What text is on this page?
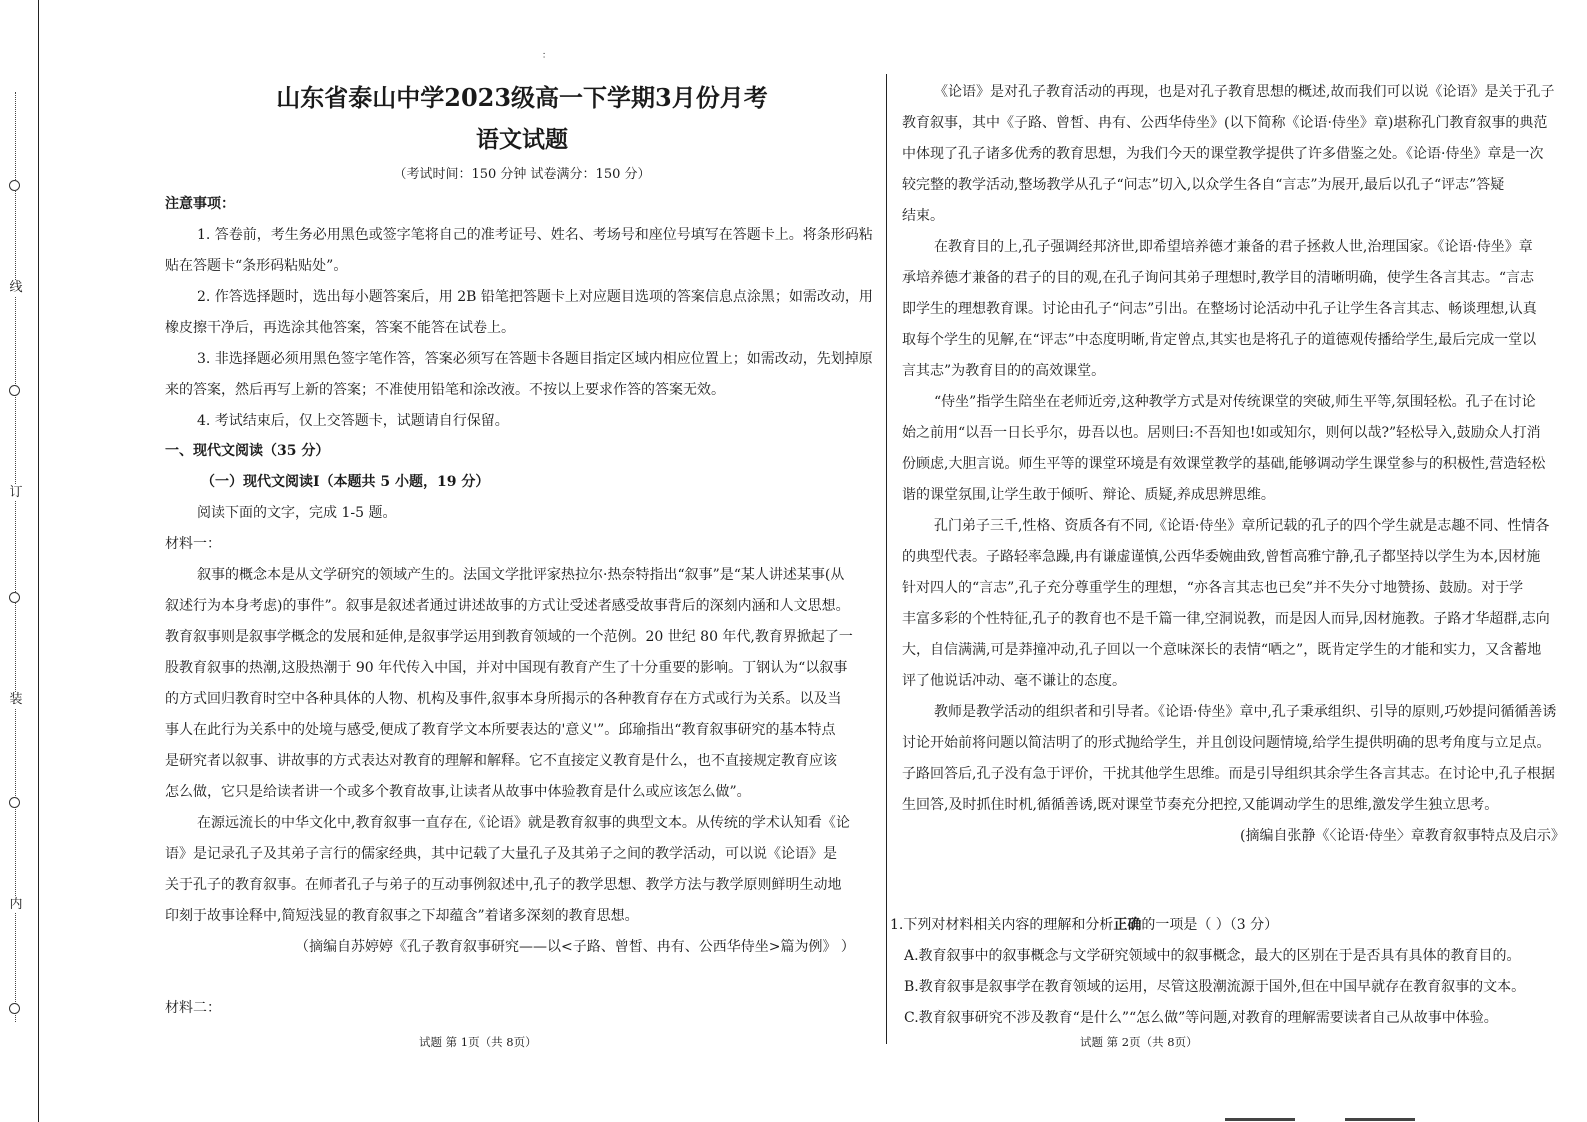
线
订
装
内
：
山东省泰山中学2023级高一下学期3月份月考
语文试题
（考试时间：150 分钟 试卷满分：150 分）
注意事项：
1. 答卷前，考生务必用黑色或签字笔将自己的准考证号、姓名、考场号和座位号填写在答题卡上。将条形码粘
贴在答题卡“条形码粘贴处”。
2. 作答选择题时，选出每小题答案后，用 2B 铅笔把答题卡上对应题目选项的答案信息点涂黑；如需改动，用
橡皮擦干净后，再选涂其他答案，答案不能答在试卷上。
3. 非选择题必须用黑色签字笔作答，答案必须写在答题卡各题目指定区域内相应位置上；如需改动，先划掉原
来的答案，然后再写上新的答案；不准使用铅笔和涂改液。不按以上要求作答的答案无效。
4. 考试结束后，仅上交答题卡，试题请自行保留。
一、现代文阅读（35 分）
（一）现代文阅读Ⅰ（本题共 5 小题，19 分）
阅读下面的文字，完成 1-5 题。
材料一：
叙事的概念本是从文学研究的领域产生的。法国文学批评家热拉尔·热奈特指出“叙事”是“某人讲述某事(从
叙述行为本身考虑)的事件”。叙事是叙述者通过讲述故事的方式让受述者感受故事背后的深刻内涵和人文思想。
教育叙事则是叙事学概念的发展和延伸,是叙事学运用到教育领域的一个范例。20 世纪 80 年代,教育界掀起了一
股教育叙事的热潮,这股热潮于 90 年代传入中国，并对中国现有教育产生了十分重要的影响。丁钢认为“以叙事
的方式回归教育时空中各种具体的人物、机构及事件,叙事本身所揭示的各种教育存在方式或行为关系。以及当
事人在此行为关系中的处境与感受,便成了教育学文本所要表达的'意义'”。邱瑜指出“教育叙事研究的基本特点
是研究者以叙事、讲故事的方式表达对教育的理解和解释。它不直接定义教育是什么，也不直接规定教育应该
怎么做，它只是给读者讲一个或多个教育故事,让读者从故事中体验教育是什么或应该怎么做”。
在源远流长的中华文化中,教育叙事一直存在,《论语》就是教育叙事的典型文本。从传统的学术认知看《论
语》是记录孔子及其弟子言行的儒家经典，其中记载了大量孔子及其弟子之间的教学活动，可以说《论语》是
关于孔子的教育叙事。在师者孔子与弟子的互动事例叙述中,孔子的教学思想、教学方法与教学原则鲜明生动地
印刻于故事诠释中,简短浅显的教育叙事之下却蕴含”着诸多深刻的教育思想。
（摘编自苏婷婷《孔子教育叙事研究——以<子路、曾皙、冉有、公西华侍坐>篇为例》 ）
材料二：
试题 第 1页（共 8页）
《论语》是对孔子教育活动的再现，也是对孔子教育思想的概述,故而我们可以说《论语》是关于孔子
教育叙事，其中《子路、曾皙、冉有、公西华侍坐》(以下简称《论语·侍坐》章)堪称孔门教育叙事的典范
中体现了孔子诸多优秀的教育思想，为我们今天的课堂教学提供了许多借鉴之处。《论语·侍坐》章是一次
较完整的教学活动,整场教学从孔子“问志”切入,以众学生各自“言志”为展开,最后以孔子“评志”答疑
结束。
在教育目的上,孔子强调经邦济世,即希望培养德才兼备的君子拯救人世,治理国家。《论语·侍坐》章
承培养德才兼备的君子的目的观,在孔子询问其弟子理想时,教学目的清晰明确，使学生各言其志。“言志
即学生的理想教育课。讨论由孔子“问志”引出。在整场讨论活动中孔子让学生各言其志、畅谈理想,认真
取每个学生的见解,在“评志”中态度明晰,肯定曾点,其实也是将孔子的道德观传播给学生,最后完成一堂以
言其志”为教育目的的高效课堂。
“侍坐”指学生陪坐在老师近旁,这种教学方式是对传统课堂的突破,师生平等,氛围轻松。孔子在讨论
始之前用“以吾一日长乎尔，毋吾以也。居则曰:不吾知也!如或知尔，则何以哉?”轻松导入,鼓励众人打消
份顾虑,大胆言说。师生平等的课堂环境是有效课堂教学的基础,能够调动学生课堂参与的积极性,营造轻松
谐的课堂氛围,让学生敢于倾听、辩论、质疑,养成思辨思维。
孔门弟子三千,性格、资质各有不同,《论语·侍坐》章所记载的孔子的四个学生就是志趣不同、性情各
的典型代表。子路轻率急躁,冉有谦虚谨慎,公西华委婉曲致,曾皙高雅宁静,孔子都坚持以学生为本,因材施
针对四人的“言志”,孔子充分尊重学生的理想，“亦各言其志也已矣”并不失分寸地赞扬、鼓励。对于学
丰富多彩的个性特征,孔子的教育也不是千篇一律,空洞说教，而是因人而异,因材施教。子路才华超群,志向
大，自信满满,可是莽撞冲动,孔子回以一个意味深长的表情“哂之”，既肯定学生的才能和实力，又含蓄地
评了他说话冲动、毫不谦让的态度。
教师是教学活动的组织者和引导者。《论语·侍坐》章中,孔子秉承组织、引导的原则,巧妙提问循循善诱
讨论开始前将问题以简洁明了的形式抛给学生，并且创设问题情境,给学生提供明确的思考角度与立足点。
子路回答后,孔子没有急于评价，干扰其他学生思维。而是引导组织其余学生各言其志。在讨论中,孔子根据
生回答,及时抓住时机,循循善诱,既对课堂节奏充分把控,又能调动学生的思维,激发学生独立思考。
(摘编自张静《〈论语·侍坐〉章教育叙事特点及启示》
1.下列对材料相关内容的理解和分析正确的一项是（ ）（3 分）
A.教育叙事中的叙事概念与文学研究领域中的叙事概念，最大的区别在于是否具有具体的教育目的。
B.教育叙事是叙事学在教育领域的运用，尽管这股潮流源于国外,但在中国早就存在教育叙事的文本。
C.教育叙事研究不涉及教育“是什么”“怎么做”等问题,对教育的理解需要读者自己从故事中体验。
试题 第 2页（共 8页）
